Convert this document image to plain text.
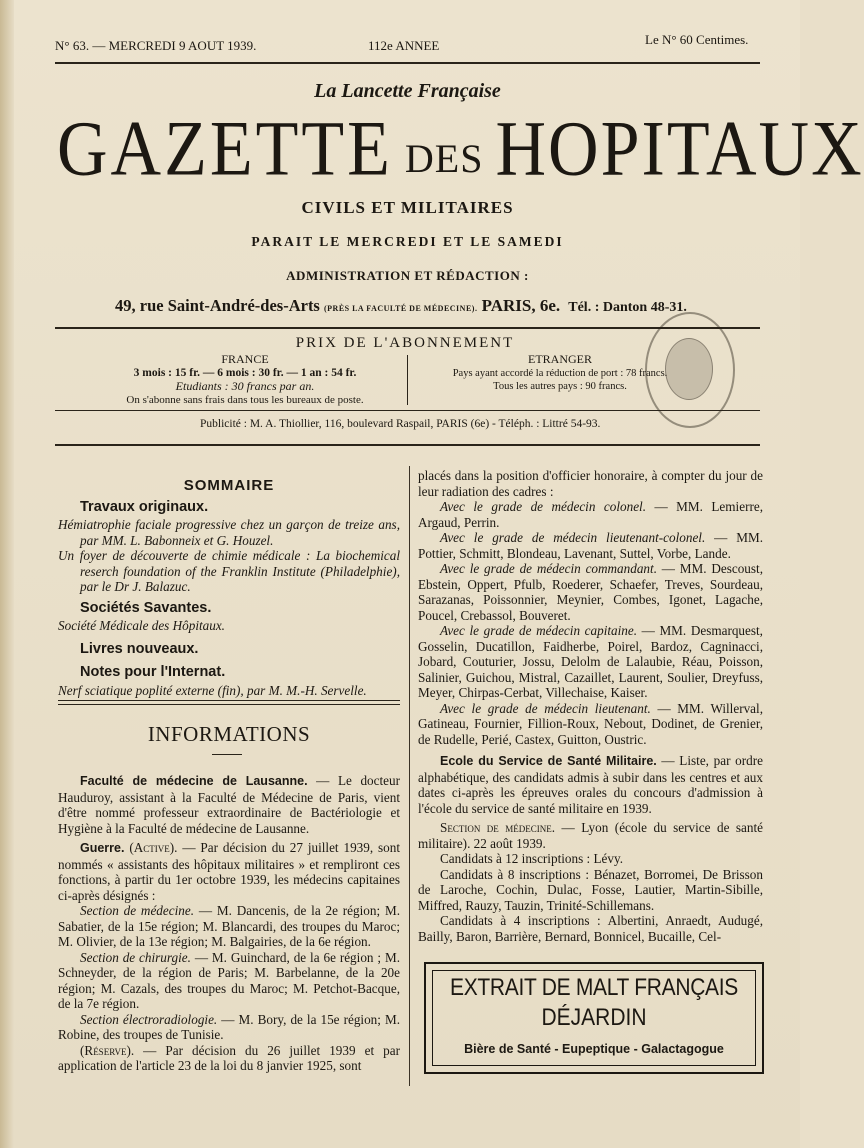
N° 63. — MERCREDI 9 AOUT 1939.	112e ANNEE	Le N° 60 Centimes.
La Lancette Française
GAZETTE DES HOPITAUX
CIVILS ET MILITAIRES
PARAIT LE MERCREDI ET LE SAMEDI
ADMINISTRATION ET RÉDACTION :
49, rue Saint-André-des-Arts (PRÈS LA FACULTÉ DE MÉDECINE). PARIS, 6e. Tél. : Danton 48-31.
PRIX DE L'ABONNEMENT
FRANCE
3 mois : 15 fr. — 6 mois : 30 fr. — 1 an : 54 fr.
Etudiants : 30 francs par an.
On s'abonne sans frais dans tous les bureaux de poste.
ETRANGER
Pays ayant accordé la réduction de port : 78 francs.
Tous les autres pays : 90 francs.
Publicité : M. A. Thiollier, 116, boulevard Raspail, PARIS (6e) - Téléph. : Littré 54-93.
SOMMAIRE
Travaux originaux.

Hémiatrophie faciale progressive chez un garçon de treize ans, par MM. L. Babonneix et G. Houzel.

Un foyer de découverte de chimie médicale : La biochemical reserch foundation of the Franklin Institute (Philadelphie), par le Dr J. Balazuc.

Sociétés Savantes.

Société Médicale des Hôpitaux.

Livres nouveaux.
Notes pour l'Internat.

Nerf sciatique poplité externe (fin), par M. M.-H. Servelle.

INFORMATIONS

Faculté de médecine de Lausanne. — Le docteur Hauduroy, assistant à la Faculté de Médecine de Paris, vient d'être nommé professeur extraordinaire de Bactériologie et Hygiène à la Faculté de médecine de Lausanne.

Guerre. (Active). — Par décision du 27 juillet 1939, sont nommés « assistants des hôpitaux militaires » et rempliront ces fonctions, à partir du 1er octobre 1939, les médecins capitaines ci-après désignés :

Section de médecine. — M. Dancenis, de la 2e région; M. Sabatier, de la 15e région; M. Blancardi, des troupes du Maroc; M. Olivier, de la 13e région; M. Balgairies, de la 6e région.

Section de chirurgie. — M. Guinchard, de la 6e région ; M. Schneyder, de la région de Paris; M. Barbelanne, de la 20e région; M. Cazals, des troupes du Maroc; M. Petchot-Bacque, de la 7e région.

Section électroradiologie. — M. Bory, de la 15e région; M. Robine, des troupes de Tunisie.

(Réserve). — Par décision du 26 juillet 1939 et par application de l'article 23 de la loi du 8 janvier 1925, sont

placés dans la position d'officier honoraire, à compter du jour de leur radiation des cadres :

Avec le grade de médecin colonel. — MM. Lemierre, Argaud, Perrin.

Avec le grade de médecin lieutenant-colonel. — MM. Pottier, Schmitt, Blondeau, Lavenant, Suttel, Vorbe, Lande.

Avec le grade de médecin commandant. — MM. Descoust, Ebstein, Oppert, Pfulb, Roederer, Schaefer, Treves, Sourdeau, Sarazanas, Poissonnier, Meynier, Combes, Igonet, Lagache, Poucel, Crebassol, Bouveret.

Avec le grade de médecin capitaine. — MM. Desmarquest, Gosselin, Ducatillon, Faidherbe, Poirel, Bardoz, Cagninacci, Jobard, Couturier, Jossu, Delolm de Lalaubie, Réau, Poisson, Salinier, Guichou, Mistral, Cazaillet, Laurent, Soulier, Dreyfuss, Meyer, Chirpas-Cerbat, Villechaise, Kaiser.

Avec le grade de médecin lieutenant. — MM. Willerval, Gatineau, Fournier, Fillion-Roux, Nebout, Dodinet, de Grenier, de Rudelle, Perié, Castex, Guitton, Oustric.

Ecole du Service de Santé Militaire. — Liste, par ordre alphabétique, des candidats admis à subir dans les centres et aux dates ci-après les épreuves orales du concours d'admission à l'école du service de santé militaire en 1939.

Section de médecine. — Lyon (école du service de santé militaire). 22 août 1939.

Candidats à 12 inscriptions : Lévy.

Candidats à 8 inscriptions : Bénazet, Borromei, De Brisson de Laroche, Cochin, Dulac, Fosse, Lautier, Martin-Sibille, Miffred, Rauzy, Tauzin, Trinité-Schillemans.

Candidats à 4 inscriptions : Albertini, Anraedt, Audugé, Bailly, Baron, Barrière, Bernard, Bonnicel, Bucaille, Cel-

EXTRAIT DE MALT FRANÇAIS
DÉJARDIN
Bière de Santé - Eupeptique - Galactagogue
